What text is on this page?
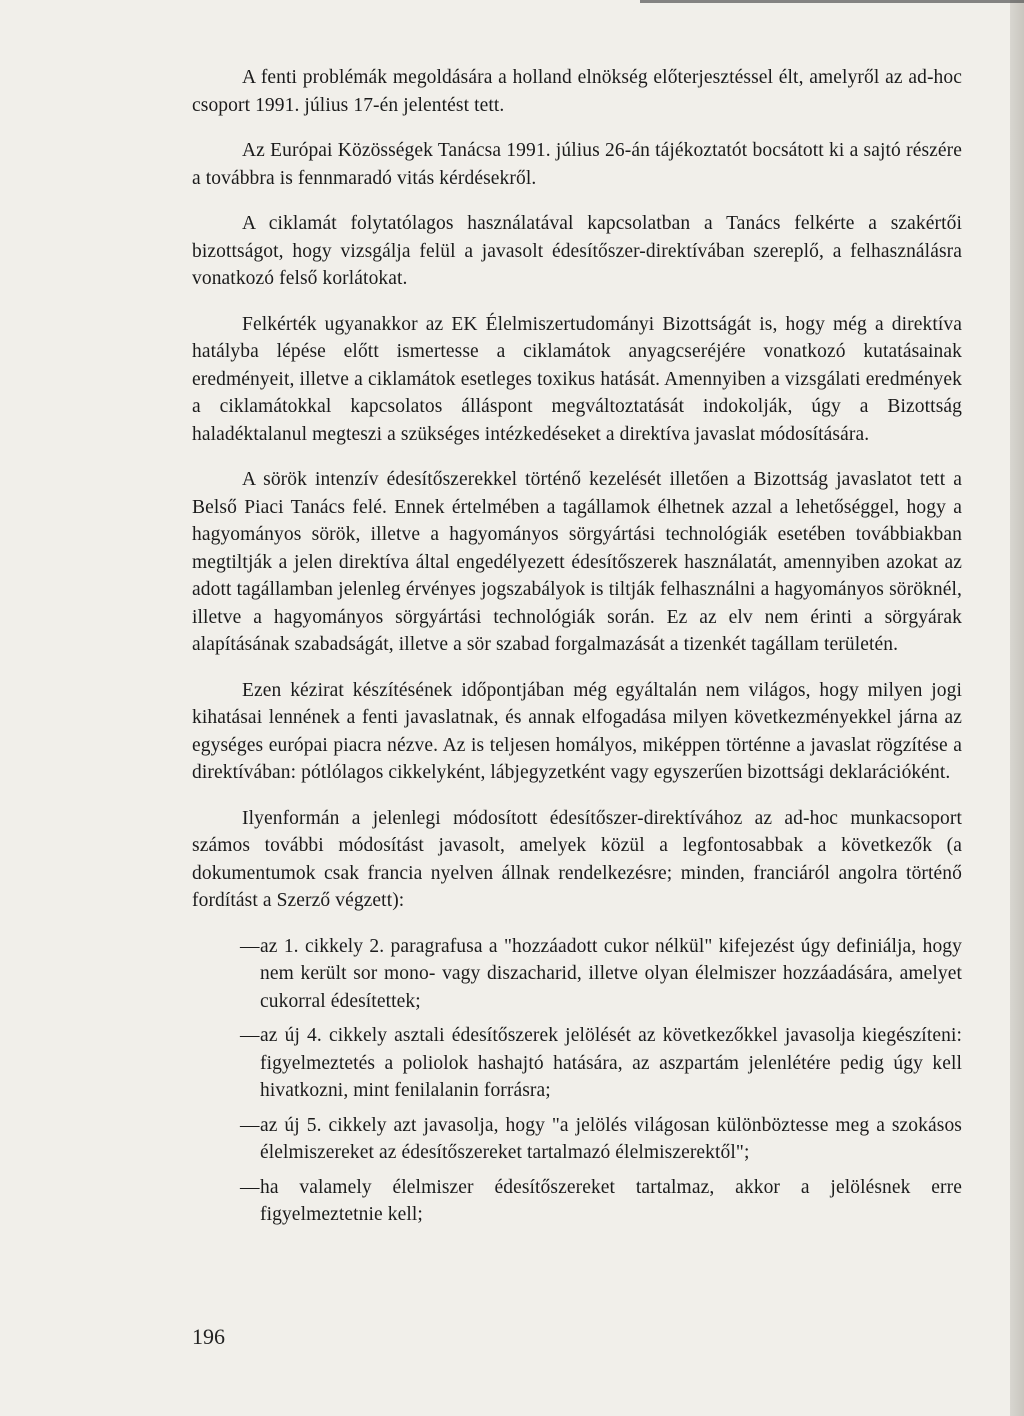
A fenti problémák megoldására a holland elnökség előterjesztéssel élt, amelyről az ad-hoc csoport 1991. július 17-én jelentést tett.

Az Európai Közösségek Tanácsa 1991. július 26-án tájékoztatót bocsátott ki a sajtó részére a továbbra is fennmaradó vitás kérdésekről.

A ciklamát folytatólagos használatával kapcsolatban a Tanács felkérte a szakértői bizottságot, hogy vizsgálja felül a javasolt édesítőszer-direktívában szereplő, a felhasználásra vonatkozó felső korlátokat.

Felkérték ugyanakkor az EK Élelmiszertudományi Bizottságát is, hogy még a direktíva hatályba lépése előtt ismertesse a ciklamátok anyagcseréjére vonatkozó kutatásainak eredményeit, illetve a ciklamátok esetleges toxikus hatását. Amennyiben a vizsgálati eredmények a ciklamátokkal kapcsolatos álláspont megváltoztatását indokolják, úgy a Bizottság haladéktalanul megteszi a szükséges intézkedéseket a direktíva javaslat módosítására.

A sörök intenzív édesítőszerekkel történő kezelését illetően a Bizottság javaslatot tett a Belső Piaci Tanács felé. Ennek értelmében a tagállamok élhetnek azzal a lehetőséggel, hogy a hagyományos sörök, illetve a hagyományos sörgyártási technológiák esetében továbbiakban megtiltják a jelen direktíva által engedélyezett édesítőszerek használatát, amennyiben azokat az adott tagállamban jelenleg érvényes jogszabályok is tiltják felhasználni a hagyományos söröknél, illetve a hagyományos sörgyártási technológiák során. Ez az elv nem érinti a sörgyárak alapításának szabadságát, illetve a sör szabad forgalmazását a tizenkét tagállam területén.

Ezen kézirat készítésének időpontjában még egyáltalán nem világos, hogy milyen jogi kihatásai lennének a fenti javaslatnak, és annak elfogadása milyen következményekkel járna az egységes európai piacra nézve. Az is teljesen homályos, miképpen történne a javaslat rögzítése a direktívában: pótlólagos cikkelyként, lábjegyzetként vagy egyszerűen bizottsági deklarációként.

Ilyenformán a jelenlegi módosított édesítőszer-direktívához az ad-hoc munkacsoport számos további módosítást javasolt, amelyek közül a legfontosabbak a következők (a dokumentumok csak francia nyelven állnak rendelkezésre; minden, franciáról angolra történő fordítást a Szerző végzett):

— az 1. cikkely 2. paragrafusa a "hozzáadott cukor nélkül" kifejezést úgy definiálja, hogy nem került sor mono- vagy diszacharid, illetve olyan élelmiszer hozzáadására, amelyet cukorral édesítettek;
— az új 4. cikkely asztali édesítőszerek jelölését az következőkkel javasolja kiegészíteni: figyelmeztetés a poliolok hashajtó hatására, az aszpartám jelenlétére pedig úgy kell hivatkozni, mint fenilalanin forrásra;
— az új 5. cikkely azt javasolja, hogy "a jelölés világosan különböztesse meg a szokásos élelmiszereket az édesítőszereket tartalmazó élelmiszerektől";
— ha valamely élelmiszer édesítőszereket tartalmaz, akkor a jelölésnek erre figyelmeztetnie kell;
196
